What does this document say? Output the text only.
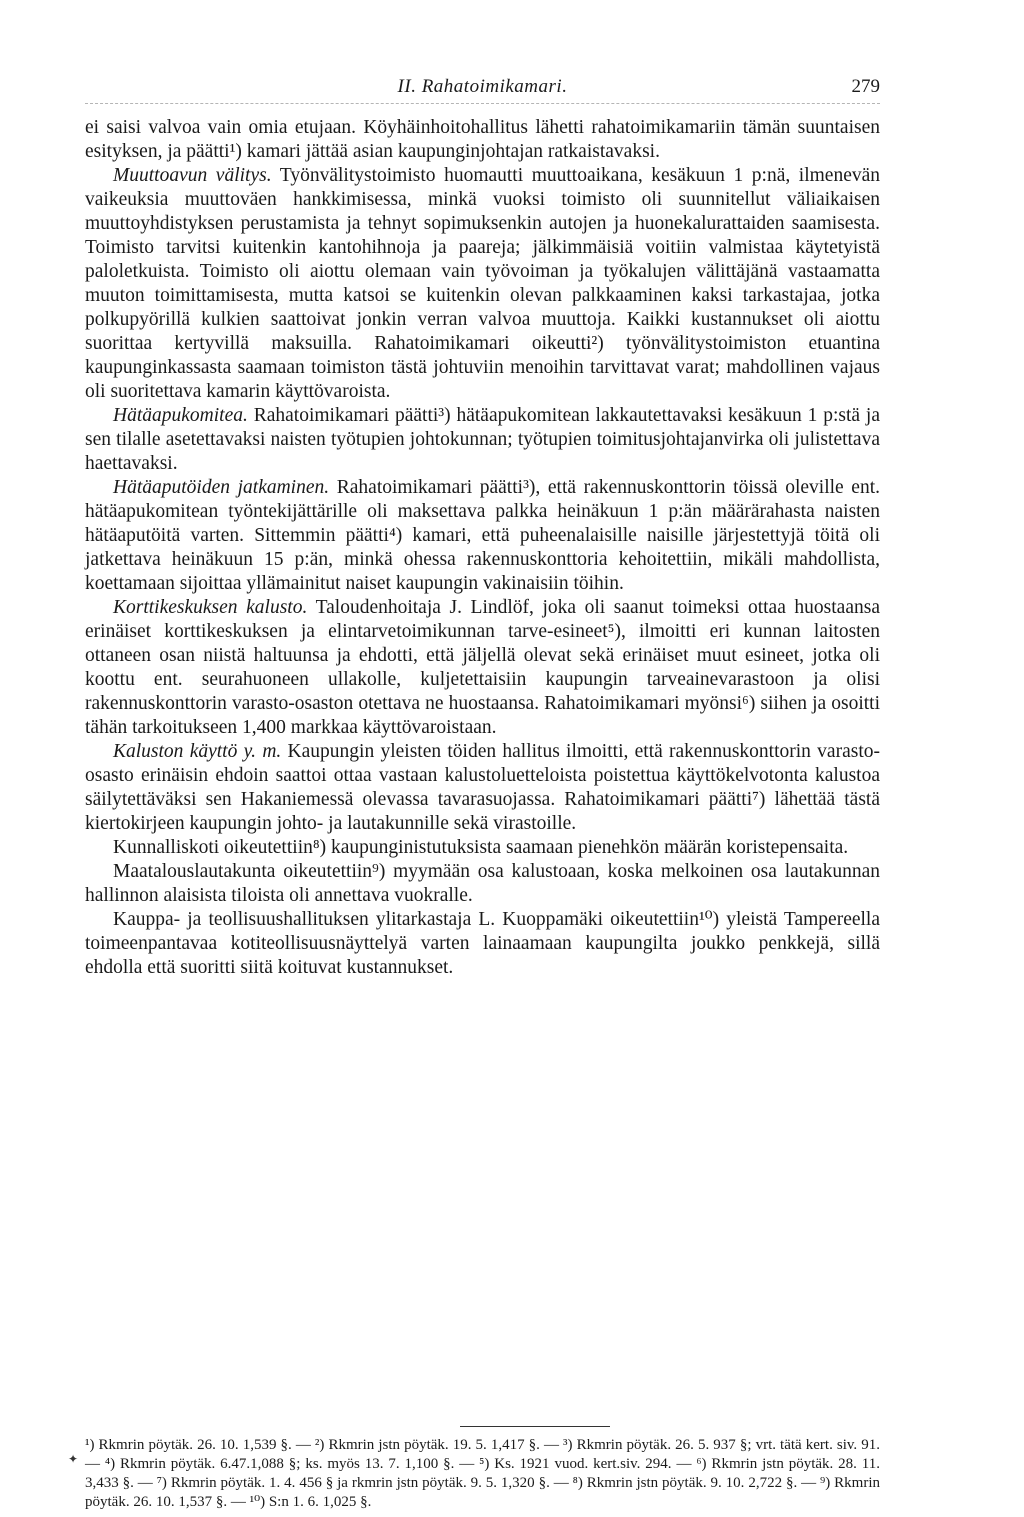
II. Rahatoimikamari.	279

ei saisi valvoa vain omia etujaan. Köyhäinhoitohallitus lähetti rahatoimikamariin tämän suuntaisen esityksen, ja päätti¹) kamari jättää asian kaupunginjohtajan ratkaistavaksi.

Muuttoavun välitys. Työnvälitystoimisto huomautti muuttoaikana, kesäkuun 1 p:nä, ilmenevän vaikeuksia muuttoväen hankkimisessa, minkä vuoksi toimisto oli suunnitellut väliaikaisen muuttoyhdistyksen perustamista ja tehnyt sopimuksenkin autojen ja huonekalurattaiden saamisesta. Toimisto tarvitsi kuitenkin kantohihnoja ja paareja; jälkimmäisiä voitiin valmistaa käytetyistä paloletkuista. Toimisto oli aiottu olemaan vain työvoiman ja työkalujen välittäjänä vastaamatta muuton toimittamisesta, mutta katsoi se kuitenkin olevan palkkaaminen kaksi tarkastajaa, jotka polkupyörillä kulkien saattoivat jonkin verran valvoa muuttoja. Kaikki kustannukset oli aiottu suorittaa kertyvillä maksuilla. Rahatoimikamari oikeutti²) työnvälitystoimiston etuantina kaupunginkassasta saamaan toimiston tästä johtuviin menoihin tarvittavat varat; mahdollinen vajaus oli suoritettava kamarin käyttövaroista.

Hätäapukomitea. Rahatoimikamari päätti³) hätäapukomitean lakkautettavaksi kesäkuun 1 p:stä ja sen tilalle asetettavaksi naisten työtupien johtokunnan; työtupien toimitusjohtajanvirka oli julistettava haettavaksi.

Hätäaputöiden jatkaminen. Rahatoimikamari päätti³), että rakennuskonttorin töissä oleville ent. hätäapukomitean työntekijättärille oli maksettava palkka heinäkuun 1 p:än määrärahasta naisten hätäaputöitä varten. Sittemmin päätti⁴) kamari, että puheenalaisille naisille järjestettyjä töitä oli jatkettava heinäkuun 15 p:än, minkä ohessa rakennuskonttoria kehoitettiin, mikäli mahdollista, koettamaan sijoittaa yllämainitut naiset kaupungin vakinaisiin töihin.

Korttikeskuksen kalusto. Taloudenhoitaja J. Lindlöf, joka oli saanut toimeksi ottaa huostaansa erinäiset korttikeskuksen ja elintarvetoimikunnan tarve-esineet⁵), ilmoitti eri kunnan laitosten ottaneen osan niistä haltuunsa ja ehdotti, että jäljellä olevat sekä erinäiset muut esineet, jotka oli koottu ent. seurahuoneen ullakolle, kuljetettaisiin kaupungin tarveainevarastoon ja olisi rakennuskonttorin varasto-osaston otettava ne huostaansa. Rahatoimikamari myönsi⁶) siihen ja osoitti tähän tarkoitukseen 1,400 markkaa käyttövaroistaan.

Kaluston käyttö y. m. Kaupungin yleisten töiden hallitus ilmoitti, että rakennuskonttorin varasto-osasto erinäisin ehdoin saattoi ottaa vastaan kalustoluetteloista poistettua käyttökelvotonta kalustoa säilytettäväksi sen Hakaniemessä olevassa tavarasuojassa. Rahatoimikamari päätti⁷) lähettää tästä kiertokirjeen kaupungin johto- ja lautakunnille sekä virastoille.

Kunnalliskoti oikeutettiin⁸) kaupunginistutuksista saamaan pienehkön määrän koristepensaita.

Maatalouslautakunta oikeutettiin⁹) myymään osa kalustoaan, koska melkoinen osa lautakunnan hallinnon alaisista tiloista oli annettava vuokralle.

Kauppa- ja teollisuushallituksen ylitarkastaja L. Kuoppamäki oikeutettiin¹⁰) yleistä Tampereella toimeenpantavaa kotiteollisuusnäyttelyä varten lainaamaan kaupungilta joukko penkkejä, sillä ehdolla että suoritti siitä koituvat kustannukset.

¹) Rkmrin pöytäk. 26. 10. 1,539 §. — ²) Rkmrin jstn pöytäk. 19. 5. 1,417 §. — ³) Rkmrin pöytäk. 26. 5. 937 §; vrt. tätä kert. siv. 91. — ⁴) Rkmrin pöytäk. 6.47.1,088 §; ks. myös 13. 7. 1,100 §. — ⁵) Ks. 1921 vuod. kert.siv. 294. — ⁶) Rkmrin jstn pöytäk. 28. 11. 3,433 §. — ⁷) Rkmrin pöytäk. 1. 4. 456 § ja rkmrin jstn pöytäk. 9. 5. 1,320 §. — ⁸) Rkmrin jstn pöytäk. 9. 10. 2,722 §. — ⁹) Rkmrin pöytäk. 26. 10. 1,537 §. — ¹⁰) S:n 1. 6. 1,025 §.

✦
